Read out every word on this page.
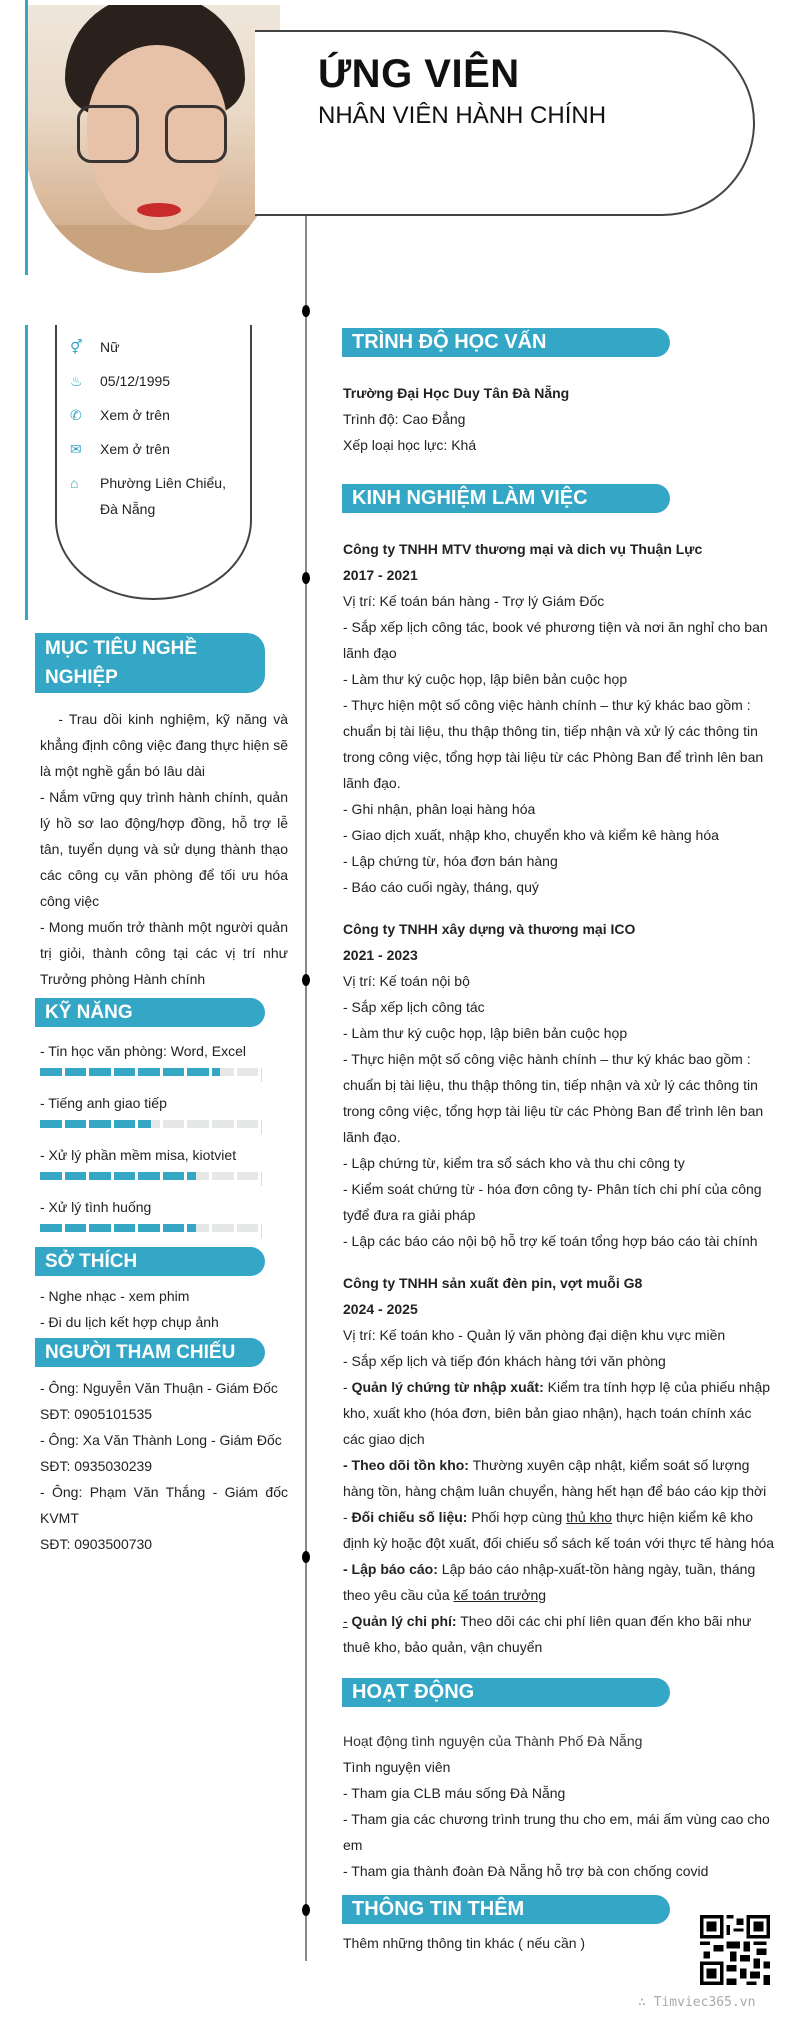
ỨNG VIÊN
NHÂN VIÊN HÀNH CHÍNH
⚥	Nữ
♨	05/12/1995
✆	Xem ở trên
✉	Xem ở trên
⌂	Phường Liên Chiểu, Đà Nẵng
MỤC TIÊU NGHỀ NGHIỆP
- Trau dồi kinh nghiệm, kỹ năng và khẳng định công việc đang thực hiện sẽ là một nghề gắn bó lâu dài
- Nắm vững quy trình hành chính, quản lý hồ sơ lao động/hợp đồng, hỗ trợ lễ tân, tuyển dụng và sử dụng thành thạo các công cụ văn phòng để tối ưu hóa công việc
- Mong muốn trở thành một người quản trị giỏi, thành công tại các vị trí như Trưởng phòng Hành chính
KỸ NĂNG
- Tin học văn phòng: Word, Excel
- Tiếng anh giao tiếp
- Xử lý phần mềm misa, kiotviet
- Xử lý tình huống
SỞ THÍCH
- Nghe nhạc - xem phim
- Đi du lịch kết hợp chụp ảnh
NGƯỜI THAM CHIẾU
- Ông: Nguyễn Văn Thuận - Giám Đốc
SĐT: 0905101535
- Ông: Xa Văn Thành Long - Giám Đốc
SĐT: 0935030239
- Ông: Phạm Văn Thắng - Giám đốc KVMT
SĐT: 0903500730
TRÌNH ĐỘ HỌC VẤN
Trường Đại Học Duy Tân Đà Nẵng
Trình độ: Cao Đẳng
Xếp loại học lực: Khá
KINH NGHIỆM LÀM VIỆC
Công ty TNHH MTV thương mại và dich vụ Thuận Lực
2017 - 2021
Vị trí: Kế toán bán hàng - Trợ lý Giám Đốc
- Sắp xếp lịch công tác, book vé phương tiện và nơi ăn nghỉ cho ban lãnh đạo
- Làm thư ký cuộc họp, lập biên bản cuộc họp
- Thực hiện một số công việc hành chính – thư ký khác bao gồm : chuẩn bị tài liệu, thu thập thông tin, tiếp nhận và xử lý các thông tin trong công việc, tổng hợp tài liệu từ các Phòng Ban để trình lên ban lãnh đạo.
- Ghi nhận, phân loại hàng hóa
- Giao dịch xuất, nhập kho, chuyển kho và kiểm kê hàng hóa
- Lập chứng từ, hóa đơn bán hàng
- Báo cáo cuối ngày, tháng, quý
Công ty TNHH xây dựng và thương mại ICO
2021 - 2023
Vị trí: Kế toán nội bộ
- Sắp xếp lịch công tác
- Làm thư ký cuộc họp, lập biên bản cuộc họp
- Thực hiện một số công việc hành chính – thư ký khác bao gồm : chuẩn bị tài liệu, thu thập thông tin, tiếp nhận và xử lý các thông tin trong công việc, tổng hợp tài liệu từ các Phòng Ban để trình lên ban lãnh đạo.
- Lập chứng từ, kiểm tra sổ sách kho và thu chi công ty
- Kiểm soát chứng từ - hóa đơn công ty- Phân tích chi phí của công tyđể đưa ra giải pháp
- Lập các báo cáo nội bộ hỗ trợ kế toán tổng hợp báo cáo tài chính
Công ty TNHH sản xuất đèn pin, vợt muỗi G8
2024 - 2025
Vị trí: Kế toán kho - Quản lý văn phòng đại diện khu vực miền
- Sắp xếp lịch và tiếp đón khách hàng tới văn phòng
- Quản lý chứng từ nhập xuất: Kiểm tra tính hợp lệ của phiếu nhập kho, xuất kho (hóa đơn, biên bản giao nhận), hạch toán chính xác các giao dịch
- Theo dõi tồn kho: Thường xuyên cập nhật, kiểm soát số lượng hàng tồn, hàng chậm luân chuyển, hàng hết hạn để báo cáo kịp thời
- Đối chiếu số liệu: Phối hợp cùng thủ kho thực hiện kiểm kê kho định kỳ hoặc đột xuất, đối chiếu sổ sách kế toán với thực tế hàng hóa
- Lập báo cáo: Lập báo cáo nhập-xuất-tồn hàng ngày, tuần, tháng theo yêu cầu của kế toán trưởng
- Quản lý chi phí: Theo dõi các chi phí liên quan đến kho bãi như thuê kho, bảo quản, vận chuyển
HOẠT ĐỘNG
Hoạt động tình nguyện của Thành Phố Đà Nẵng
Tình nguyện viên
- Tham gia CLB máu sống Đà Nẵng
- Tham gia các chương trình trung thu cho em, mái ấm vùng cao cho em
- Tham gia thành đoàn Đà Nẵng hỗ trợ bà con chống covid
THÔNG TIN THÊM
Thêm những thông tin khác ( nếu cần )
∴ Timviec365.vn
